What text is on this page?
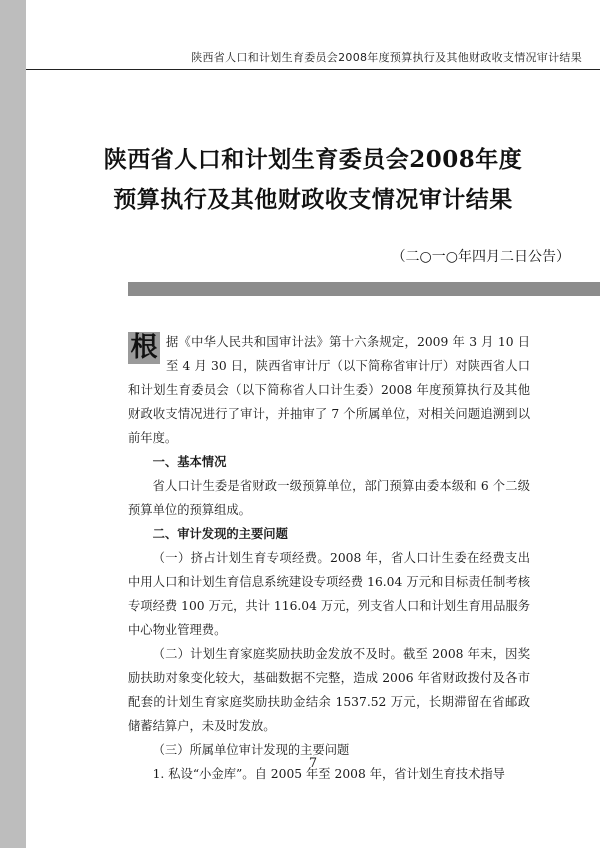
陕西省人口和计划生育委员会2008年度预算执行及其他财政收支情况审计结果
陕西省人口和计划生育委员会2008年度
预算执行及其他财政收支情况审计结果
（二○一○年四月二日公告）

根 据《中华人民共和国审计法》第十六条规定，2009 年 3 月 10 日至 4 月 30 日，陕西省审计厅（以下简称省审计厅）对陕西省人口和计划生育委员会（以下简称省人口计生委）2008 年度预算执行及其他财政收支情况进行了审计，并抽审了 7 个所属单位，对相关问题追溯到以前年度。

一、基本情况

省人口计生委是省财政一级预算单位，部门预算由委本级和 6 个二级预算单位的预算组成。

二、审计发现的主要问题

（一）挤占计划生育专项经费。2008 年，省人口计生委在经费支出中用人口和计划生育信息系统建设专项经费 16.04 万元和目标责任制考核专项经费 100 万元，共计 116.04 万元，列支省人口和计划生育用品服务中心物业管理费。

（二）计划生育家庭奖励扶助金发放不及时。截至 2008 年末，因奖励扶助对象变化较大，基础数据不完整，造成 2006 年省财政拨付及各市配套的计划生育家庭奖励扶助金结余 1537.52 万元，长期滞留在省邮政储蓄结算户，未及时发放。

（三）所属单位审计发现的主要问题

1. 私设“小金库”。自 2005 年至 2008 年，省计划生育技术指导

7
